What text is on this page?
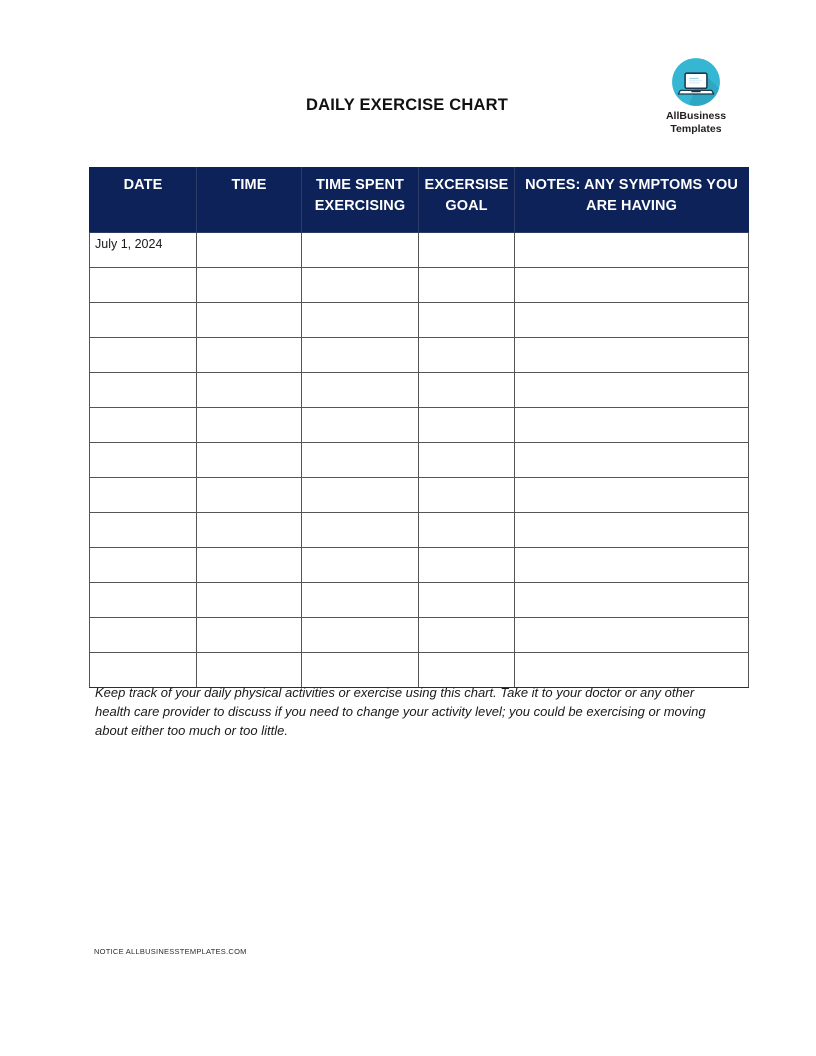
DAILY EXERCISE CHART
AllBusiness
Templates
DATE	TIME	TIME SPENT EXERCISING	EXCERSISE GOAL	NOTES: ANY SYMPTOMS YOU ARE HAVING
July 1, 2024				

Keep track of your daily physical activities or exercise using this chart. Take it to your doctor or any other health care provider to discuss if you need to change your activity level; you could be exercising or moving about either too much or too little.
NOTICE ALLBUSINESSTEMPLATES.COM
